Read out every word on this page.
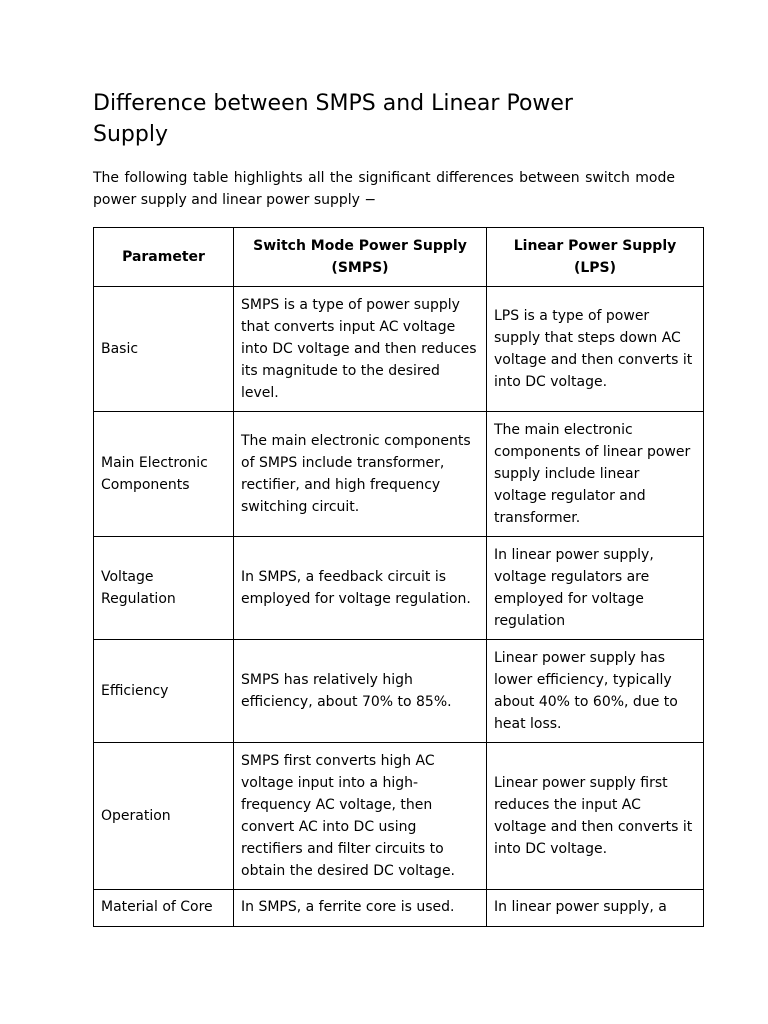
Difference between SMPS and Linear Power Supply

The following table highlights all the significant differences between switch mode power supply and linear power supply −

Parameter	Switch Mode Power Supply (SMPS)	Linear Power Supply (LPS)
Basic	SMPS is a type of power supply that converts input AC voltage into DC voltage and then reduces its magnitude to the desired level.	LPS is a type of power supply that steps down AC voltage and then converts it into DC voltage.
Main Electronic Components	The main electronic components of SMPS include transformer, rectifier, and high frequency switching circuit.	The main electronic components of linear power supply include linear voltage regulator and transformer.
Voltage Regulation	In SMPS, a feedback circuit is employed for voltage regulation.	In linear power supply, voltage regulators are employed for voltage regulation
Efficiency	SMPS has relatively high efficiency, about 70% to 85%.	Linear power supply has lower efficiency, typically about 40% to 60%, due to heat loss.
Operation	SMPS first converts high AC voltage input into a high-frequency AC voltage, then convert AC into DC using rectifiers and filter circuits to obtain the desired DC voltage.	Linear power supply first reduces the input AC voltage and then converts it into DC voltage.
Material of Core	In SMPS, a ferrite core is used.	In linear power supply, a
